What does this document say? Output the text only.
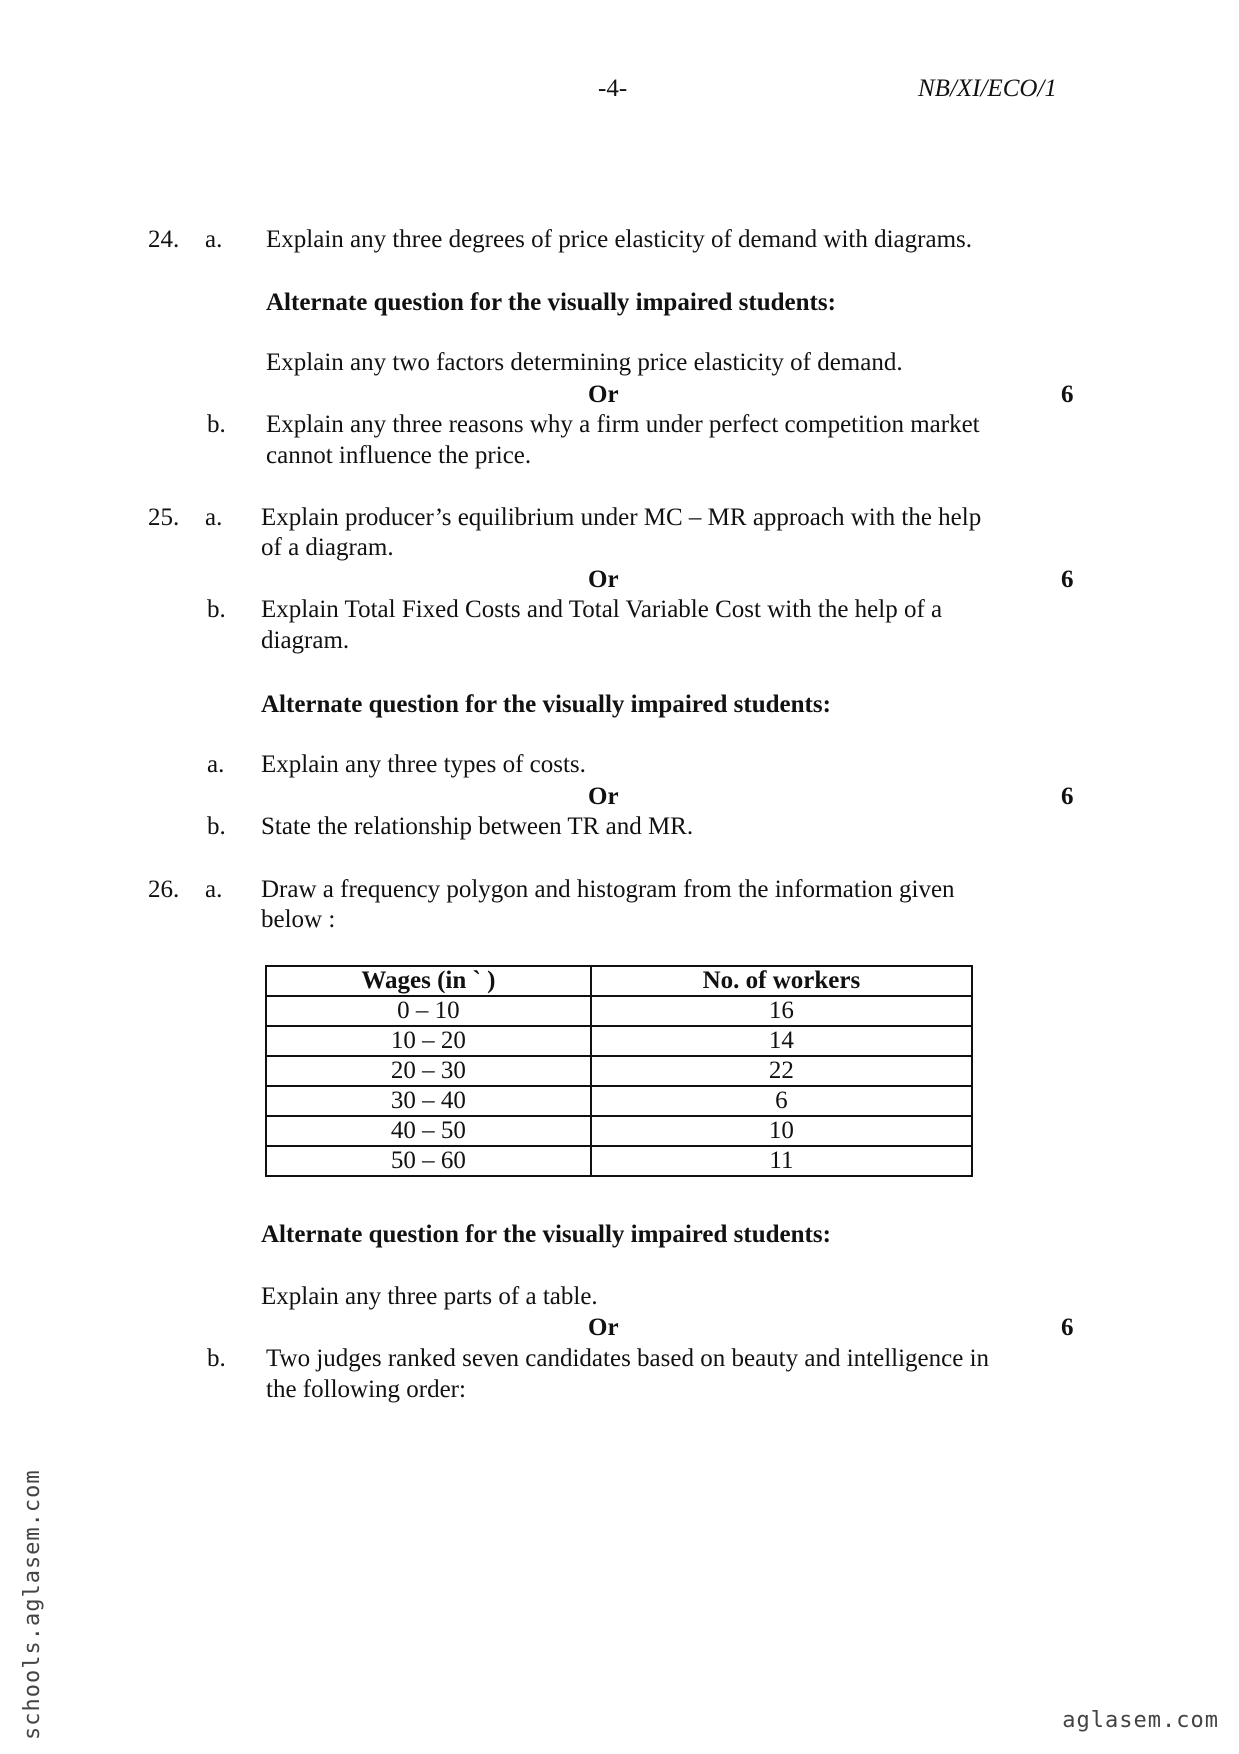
-4-	NB/XI/ECO/1
24. a. Explain any three degrees of price elasticity of demand with diagrams.
Alternate question for the visually impaired students:
Explain any two factors determining price elasticity of demand.
Or	6
b. Explain any three reasons why a firm under perfect competition market
cannot influence the price.
25. a. Explain producer’s equilibrium under MC – MR approach with the help
of a diagram.
Or	6
b. Explain Total Fixed Costs and Total Variable Cost with the help of a
diagram.
Alternate question for the visually impaired students:
a. Explain any three types of costs.
Or	6
b. State the relationship between TR and MR.
26. a. Draw a frequency polygon and histogram from the information given
below :
Wages (in ` )	No. of workers
0 – 10	16
10 – 20	14
20 – 30	22
30 – 40	6
40 – 50	10
50 – 60	11
Alternate question for the visually impaired students:
Explain any three parts of a table.
Or	6
b. Two judges ranked seven candidates based on beauty and intelligence in
the following order:
schools.aglasem.com	aglasem.com
